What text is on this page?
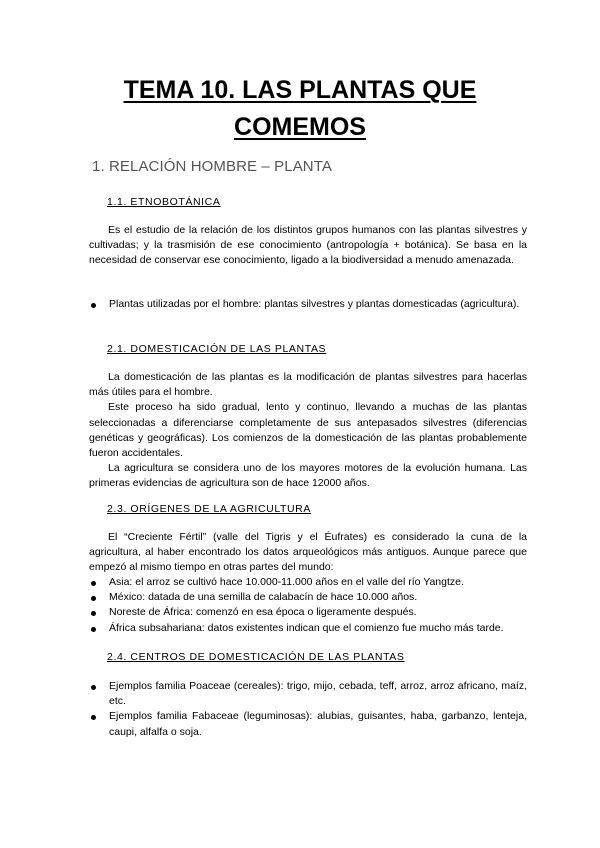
TEMA 10. LAS PLANTAS QUE COMEMOS
1. RELACIÓN HOMBRE – PLANTA
1.1. ETNOBOTÁNICA

Es el estudio de la relación de los distintos grupos humanos con las plantas silvestres y cultivadas; y la trasmisión de ese conocimiento (antropología + botánica). Se basa en la necesidad de conservar ese conocimiento, ligado a la biodiversidad a menudo amenazada.

Plantas utilizadas por el hombre: plantas silvestres y plantas domesticadas (agricultura).
2.1. DOMESTICACIÓN DE LAS PLANTAS

La domesticación de las plantas es la modificación de plantas silvestres para hacerlas más útiles para el hombre.

Este proceso ha sido gradual, lento y continuo, llevando a muchas de las plantas seleccionadas a diferenciarse completamente de sus antepasados silvestres (diferencias genéticas y geográficas). Los comienzos de la domesticación de las plantas probablemente fueron accidentales.

La agricultura se considera uno de los mayores motores de la evolución humana. Las primeras evidencias de agricultura son de hace 12000 años.

2.3. ORÍGENES DE LA AGRICULTURA

El “Creciente Fértil” (valle del Tigris y el Éufrates) es considerado la cuna de la agricultura, al haber encontrado los datos arqueológicos más antiguos. Aunque parece que empezó al mismo tiempo en otras partes del mundo:

Asia: el arroz se cultivó hace 10.000-11.000 años en el valle del río Yangtze.
México: datada de una semilla de calabacín de hace 10.000 años.
Noreste de África: comenzó en esa época o ligeramente después.
África subsahariana: datos existentes indican que el comienzo fue mucho más tarde.
2.4. CENTROS DE DOMESTICACIÓN DE LAS PLANTAS
Ejemplos familia Poaceae (cereales): trigo, mijo, cebada, teff, arroz, arroz africano, maíz, etc.
Ejemplos familia Fabaceae (leguminosas): alubias, guisantes, haba, garbanzo, lenteja, caupi, alfalfa o soja.
